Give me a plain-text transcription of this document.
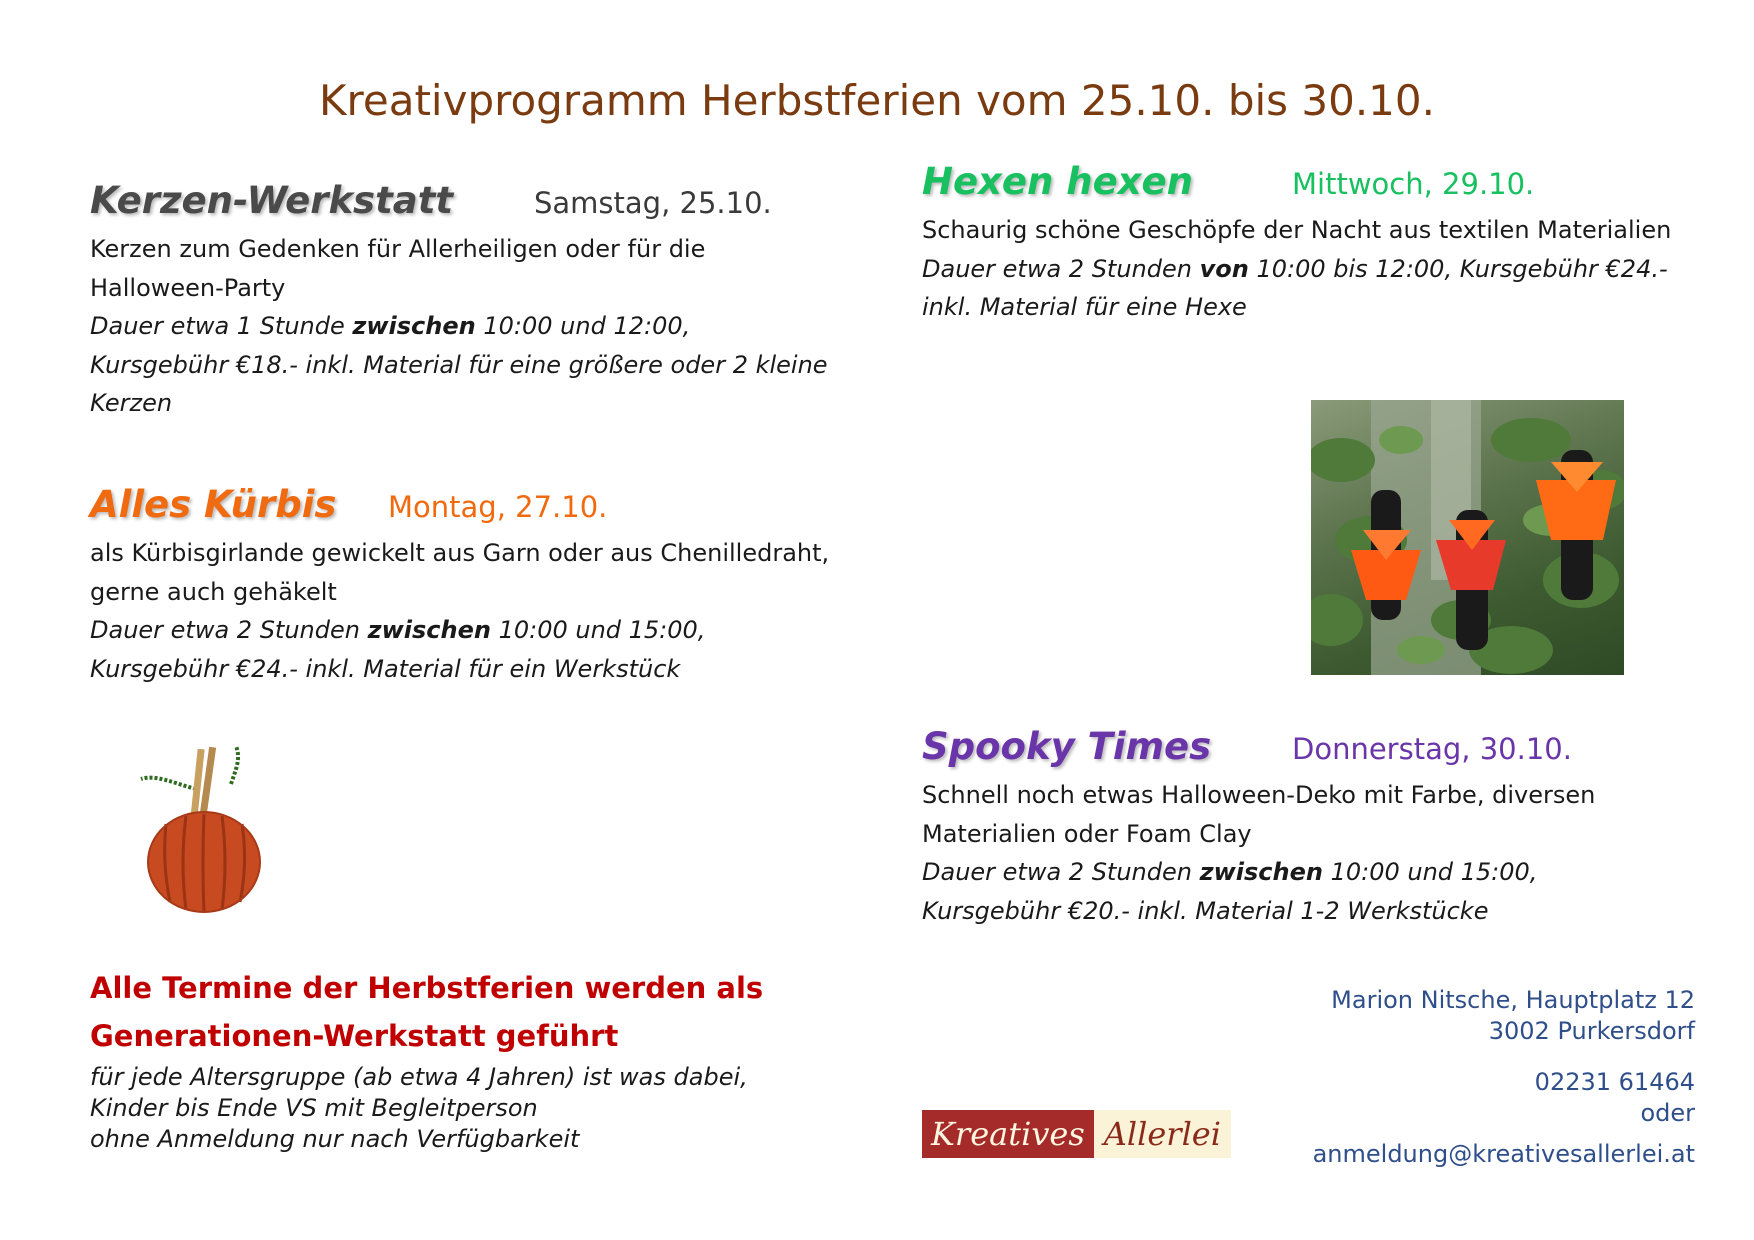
Kreativprogramm Herbstferien vom 25.10. bis 30.10.
Kerzen-Werkstatt	Samstag, 25.10.

Kerzen zum Gedenken für Allerheiligen oder für die Halloween-Party

Dauer etwa 1 Stunde zwischen 10:00 und 12:00, Kursgebühr €18.- inkl. Material für eine größere oder 2 kleine Kerzen

Alles Kürbis Montag, 27.10.

als Kürbisgirlande gewickelt aus Garn oder aus Chenilledraht, gerne auch gehäkelt

Dauer etwa 2 Stunden zwischen 10:00 und 15:00, Kursgebühr €24.- inkl. Material für ein Werkstück

Hexen hexen	Mittwoch, 29.10.

Schaurig schöne Geschöpfe der Nacht aus textilen Materialien

Dauer etwa 2 Stunden von 10:00 bis 12:00, Kursgebühr €24.- inkl. Material für eine Hexe

Spooky Times	Donnerstag, 30.10.

Schnell noch etwas Halloween-Deko mit Farbe, diversen Materialien oder Foam Clay

Dauer etwa 2 Stunden zwischen 10:00 und 15:00, Kursgebühr €20.- inkl. Material 1-2 Werkstücke

Alle Termine der Herbstferien werden als Generationen-Werkstatt geführt

für jede Altersgruppe (ab etwa 4 Jahren) ist was dabei,

Kinder bis Ende VS mit Begleitperson

ohne Anmeldung nur nach Verfügbarkeit	Kreatives Allerlei

Marion Nitsche, Hauptplatz 12

3002 Purkersdorf

02231 61464

oder

anmeldung@kreativesallerlei.at
